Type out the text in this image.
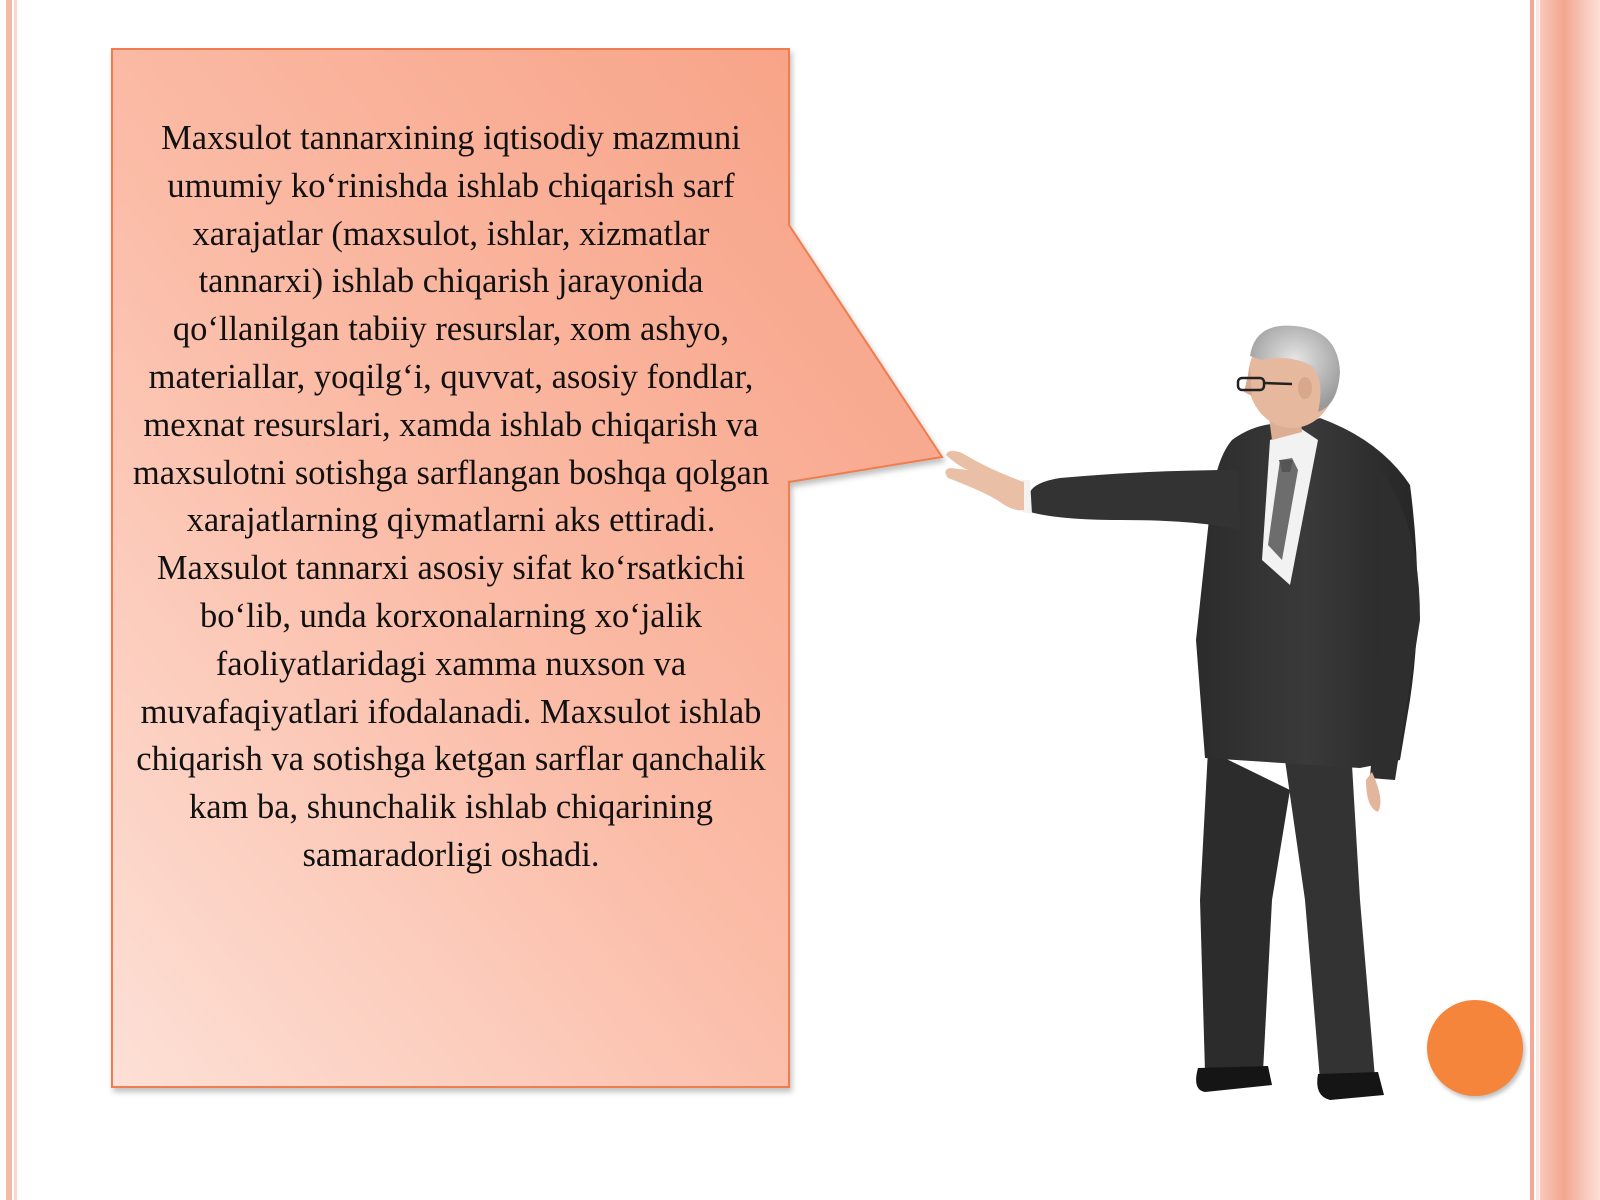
Maxsulot tannarxining iqtisodiy mazmuni umumiy ko‘rinishda ishlab chiqarish sarf xarajatlar (maxsulot, ishlar, xizmatlar tannarxi) ishlab chiqarish jarayonida qo‘llanilgan tabiiy resurslar, xom ashyo, materiallar, yoqilg‘i, quvvat, asosiy fondlar, mexnat resurslari, xamda ishlab chiqarish va maxsulotni sotishga sarflangan boshqa qolgan xarajatlarning qiymatlarni aks ettiradi.

Maxsulot tannarxi asosiy sifat ko‘rsatkichi bo‘lib, unda korxonalarning xo‘jalik faoliyatlaridagi xamma nuxson va muvafaqiyatlari ifodalanadi. Maxsulot ishlab chiqarish va sotishga ketgan sarflar qanchalik kam ba, shunchalik ishlab chiqarining samaradorligi oshadi.
